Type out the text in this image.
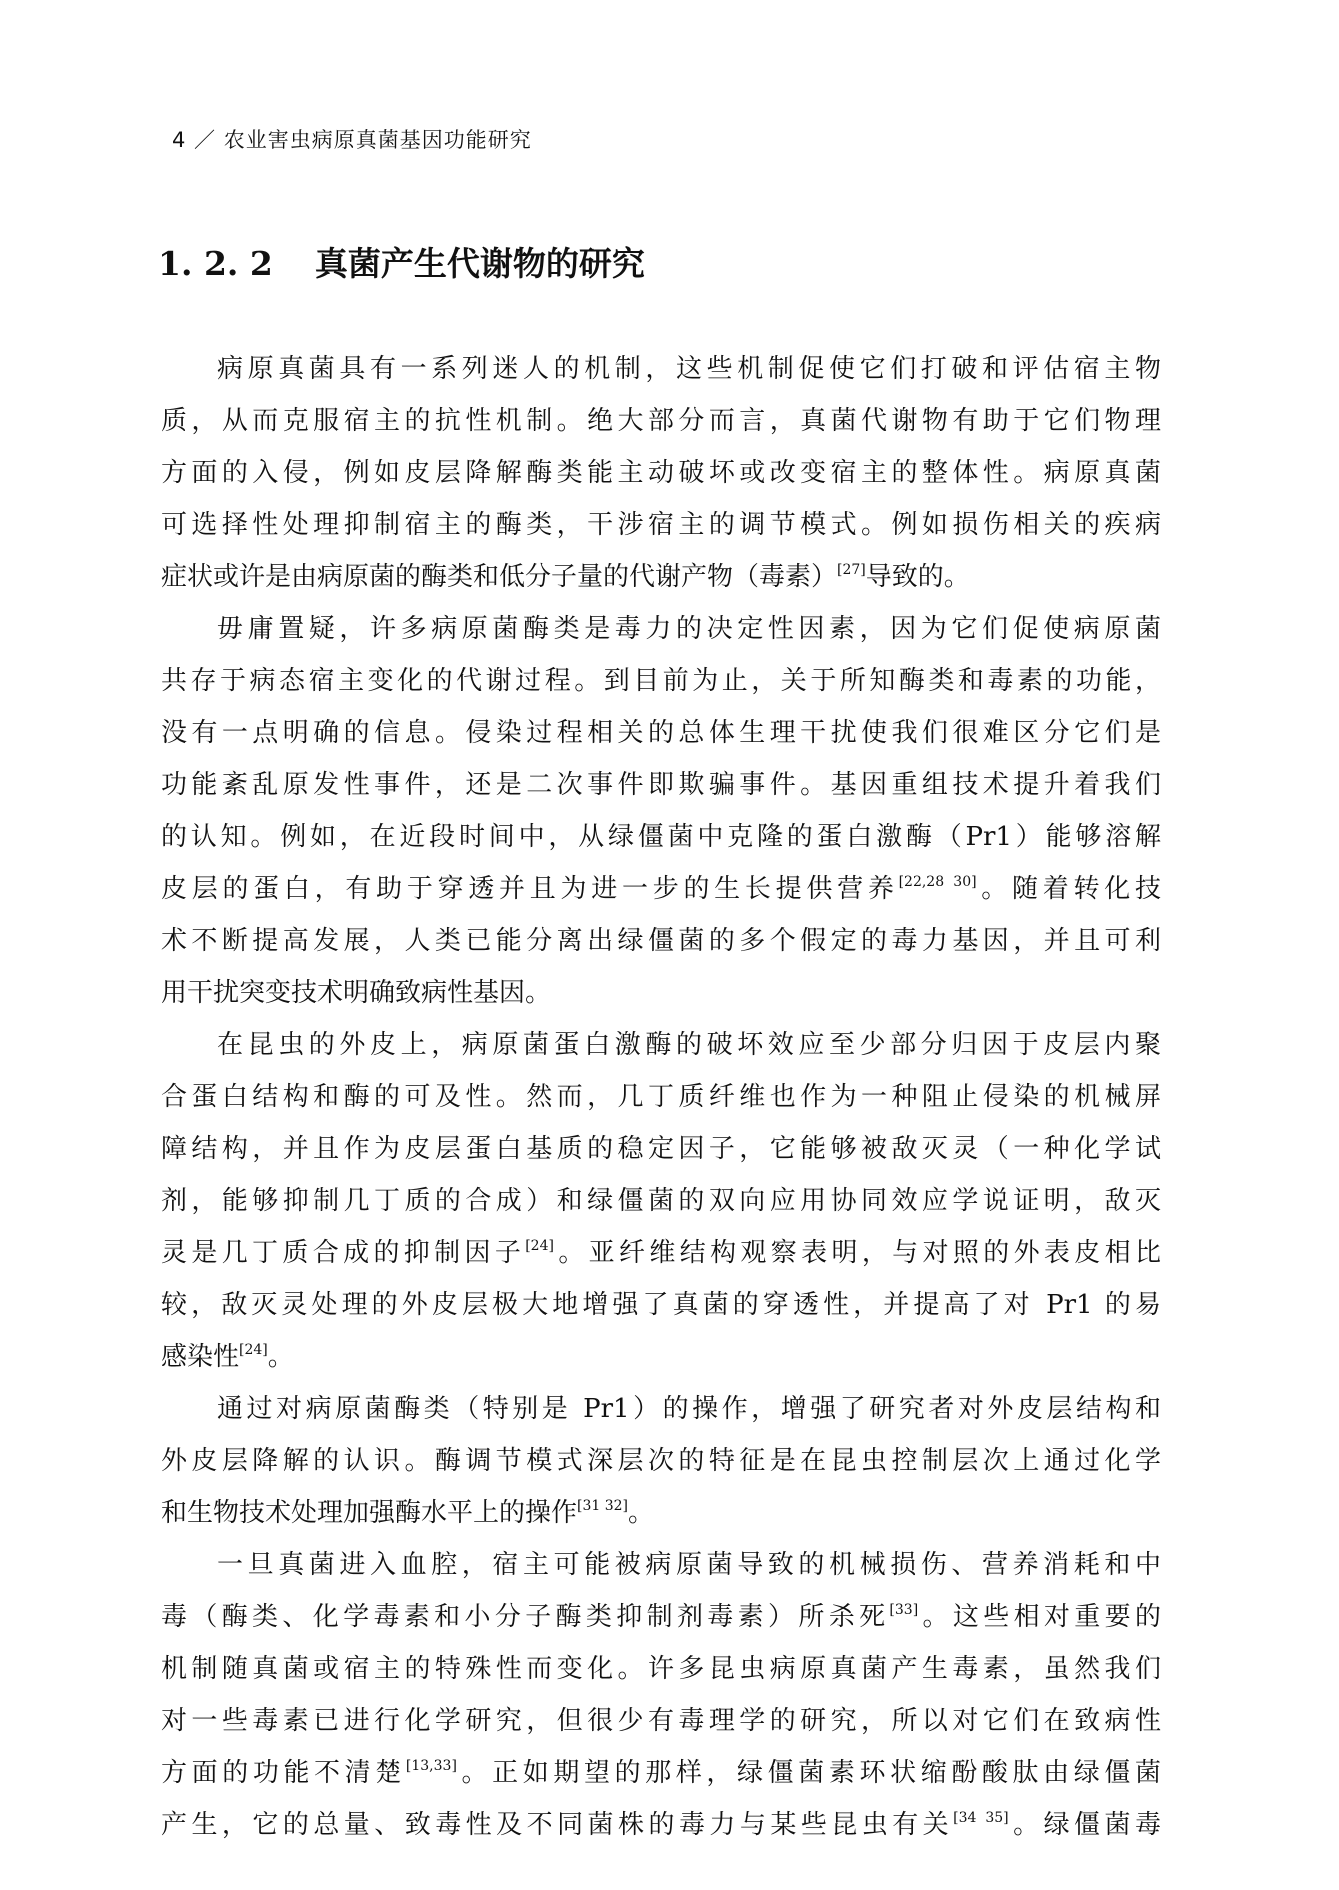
4 ／ 农业害虫病原真菌基因功能研究
1. 2. 2 真菌产生代谢物的研究
病原真菌具有一系列迷人的机制，这些机制促使它们打破和评估宿主物
质，从而克服宿主的抗性机制。绝大部分而言，真菌代谢物有助于它们物理
方面的入侵，例如皮层降解酶类能主动破坏或改变宿主的整体性。病原真菌
可选择性处理抑制宿主的酶类，干涉宿主的调节模式。例如损伤相关的疾病
症状或许是由病原菌的酶类和低分子量的代谢产物（毒素）[27]导致的。
毋庸置疑，许多病原菌酶类是毒力的决定性因素，因为它们促使病原菌
共存于病态宿主变化的代谢过程。到目前为止，关于所知酶类和毒素的功能，
没有一点明确的信息。侵染过程相关的总体生理干扰使我们很难区分它们是
功能紊乱原发性事件，还是二次事件即欺骗事件。基因重组技术提升着我们
的认知。例如，在近段时间中，从绿僵菌中克隆的蛋白激酶（Pr1）能够溶解
皮层的蛋白，有助于穿透并且为进一步的生长提供营养[22,28 30]。随着转化技
术不断提高发展，人类已能分离出绿僵菌的多个假定的毒力基因，并且可利
用干扰突变技术明确致病性基因。
在昆虫的外皮上，病原菌蛋白激酶的破坏效应至少部分归因于皮层内聚
合蛋白结构和酶的可及性。然而，几丁质纤维也作为一种阻止侵染的机械屏
障结构，并且作为皮层蛋白基质的稳定因子，它能够被敌灭灵（一种化学试
剂，能够抑制几丁质的合成）和绿僵菌的双向应用协同效应学说证明，敌灭
灵是几丁质合成的抑制因子[24]。亚纤维结构观察表明，与对照的外表皮相比
较，敌灭灵处理的外皮层极大地增强了真菌的穿透性，并提高了对 Pr1 的易
感染性[24]。
通过对病原菌酶类（特别是 Pr1）的操作，增强了研究者对外皮层结构和
外皮层降解的认识。酶调节模式深层次的特征是在昆虫控制层次上通过化学
和生物技术处理加强酶水平上的操作[31 32]。
一旦真菌进入血腔，宿主可能被病原菌导致的机械损伤、营养消耗和中
毒（酶类、化学毒素和小分子酶类抑制剂毒素）所杀死[33]。这些相对重要的
机制随真菌或宿主的特殊性而变化。许多昆虫病原真菌产生毒素，虽然我们
对一些毒素已进行化学研究，但很少有毒理学的研究，所以对它们在致病性
方面的功能不清楚[13,33]。正如期望的那样，绿僵菌素环状缩酚酸肽由绿僵菌
产生，它的总量、致毒性及不同菌株的毒力与某些昆虫有关[34 35]。绿僵菌毒
